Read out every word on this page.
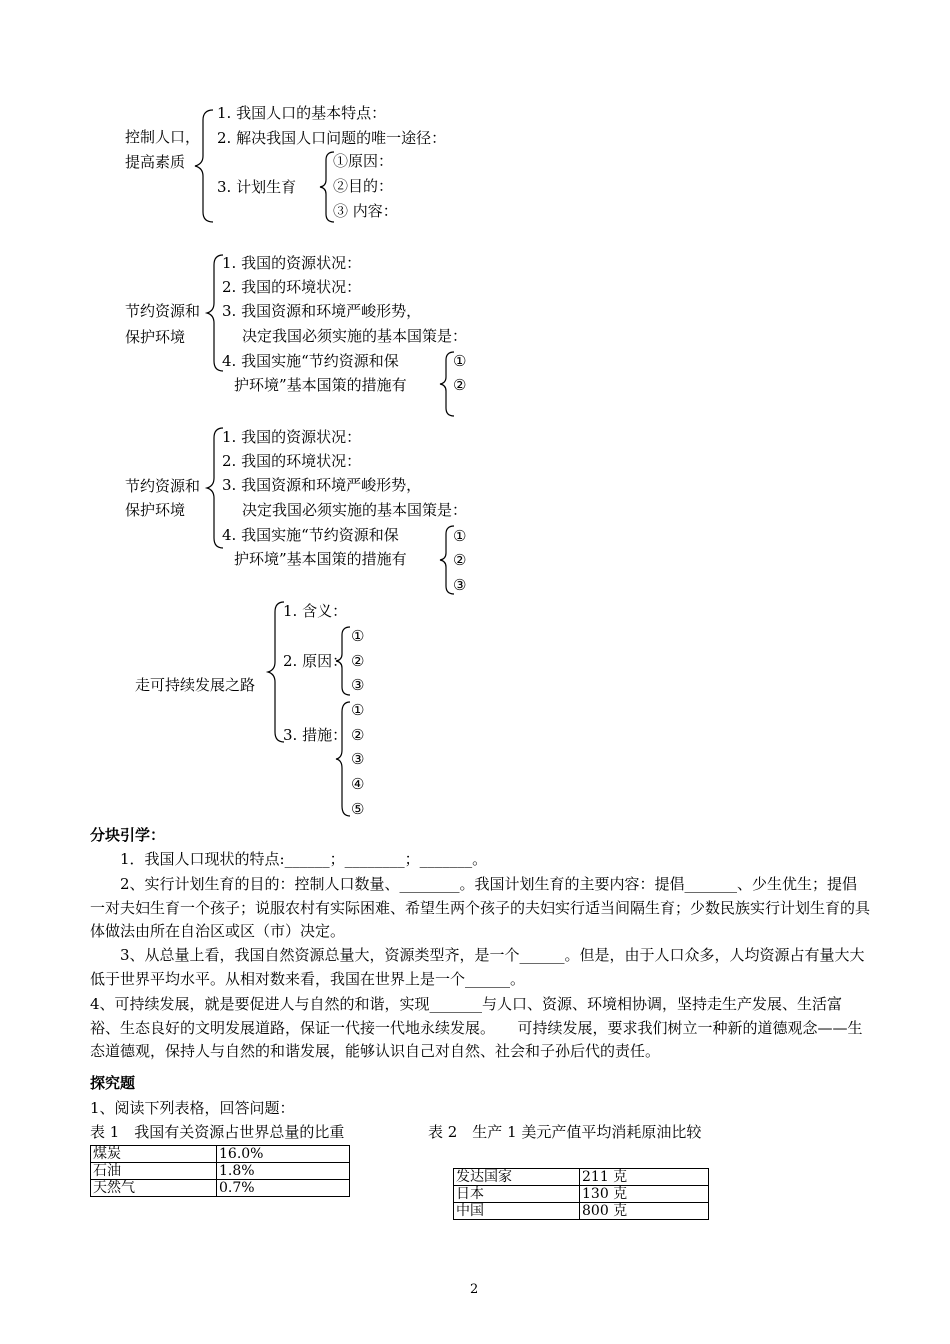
控制人口，
提高素质
1. 我国人口的基本特点：
2. 解决我国人口问题的唯一途径：
3. 计划生育
①原因：
②目的：
③ 内容：
节约资源和
保护环境
1. 我国的资源状况：
2. 我国的环境状况：
3. 我国资源和环境严峻形势，
决定我国必须实施的基本国策是：
4. 我国实施“节约资源和保
护环境”基本国策的措施有
①
②
节约资源和
保护环境
1. 我国的资源状况：
2. 我国的环境状况：
3. 我国资源和环境严峻形势，
决定我国必须实施的基本国策是：
4. 我国实施“节约资源和保
护环境”基本国策的措施有
①
②
③
走可持续发展之路
1. 含义：
2. 原因：
3. 措施：
①
②
③
①
②
③
④
⑤
分块引学：
1．我国人口现状的特点:______；________；_______。
2、实行计划生育的目的：控制人口数量、________。我国计划生育的主要内容：提倡_______、少生优生；提倡一对夫妇生育一个孩子；说服农村有实际困难、希望生两个孩子的夫妇实行适当间隔生育；少数民族实行计划生育的具体做法由所在自治区或区（市）决定。
3、从总量上看，我国自然资源总量大，资源类型齐，是一个______。但是，由于人口众多，人均资源占有量大大低于世界平均水平。从相对数来看，我国在世界上是一个______。
4、可持续发展，就是要促进人与自然的和谐，实现_______与人口、资源、环境相协调，坚持走生产发展、生活富裕、生态良好的文明发展道路，保证一代接一代地永续发展。　　可持续发展，要求我们树立一种新的道德观念——生态道德观，保持人与自然的和谐发展，能够认识自己对自然、社会和子孙后代的责任。
探究题
1、阅读下列表格，回答问题：
表 1　我国有关资源占世界总量的比重
煤炭	16.0%
石油	1.8%
天然气	0.7%
表 2　生产 1 美元产值平均消耗原油比较
发达国家	211 克
日本	130 克
中国	800 克
2
